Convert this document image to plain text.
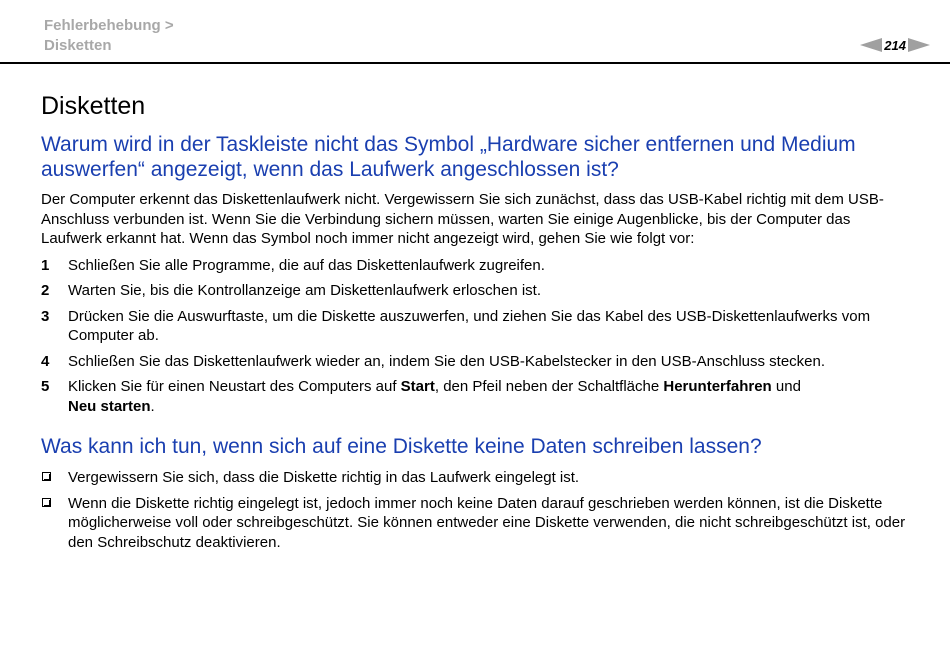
Fehlerbehebung >
Disketten	214
Disketten
Warum wird in der Taskleiste nicht das Symbol „Hardware sicher entfernen und Medium auswerfen“ angezeigt, wenn das Laufwerk angeschlossen ist?

Der Computer erkennt das Diskettenlaufwerk nicht. Vergewissern Sie sich zunächst, dass das USB-Kabel richtig mit dem USB-Anschluss verbunden ist. Wenn Sie die Verbindung sichern müssen, warten Sie einige Augenblicke, bis der Computer das Laufwerk erkannt hat. Wenn das Symbol noch immer nicht angezeigt wird, gehen Sie wie folgt vor:

1 Schließen Sie alle Programme, die auf das Diskettenlaufwerk zugreifen.
2 Warten Sie, bis die Kontrollanzeige am Diskettenlaufwerk erloschen ist.
3 Drücken Sie die Auswurftaste, um die Diskette auszuwerfen, und ziehen Sie das Kabel des USB-Diskettenlaufwerks vom Computer ab.
4 Schließen Sie das Diskettenlaufwerk wieder an, indem Sie den USB-Kabelstecker in den USB-Anschluss stecken.
5 Klicken Sie für einen Neustart des Computers auf Start, den Pfeil neben der Schaltfläche Herunterfahren und
Neu starten.
Was kann ich tun, wenn sich auf eine Diskette keine Daten schreiben lassen?
Vergewissern Sie sich, dass die Diskette richtig in das Laufwerk eingelegt ist.
Wenn die Diskette richtig eingelegt ist, jedoch immer noch keine Daten darauf geschrieben werden können, ist die Diskette möglicherweise voll oder schreibgeschützt. Sie können entweder eine Diskette verwenden, die nicht schreibgeschützt ist, oder den Schreibschutz deaktivieren.
